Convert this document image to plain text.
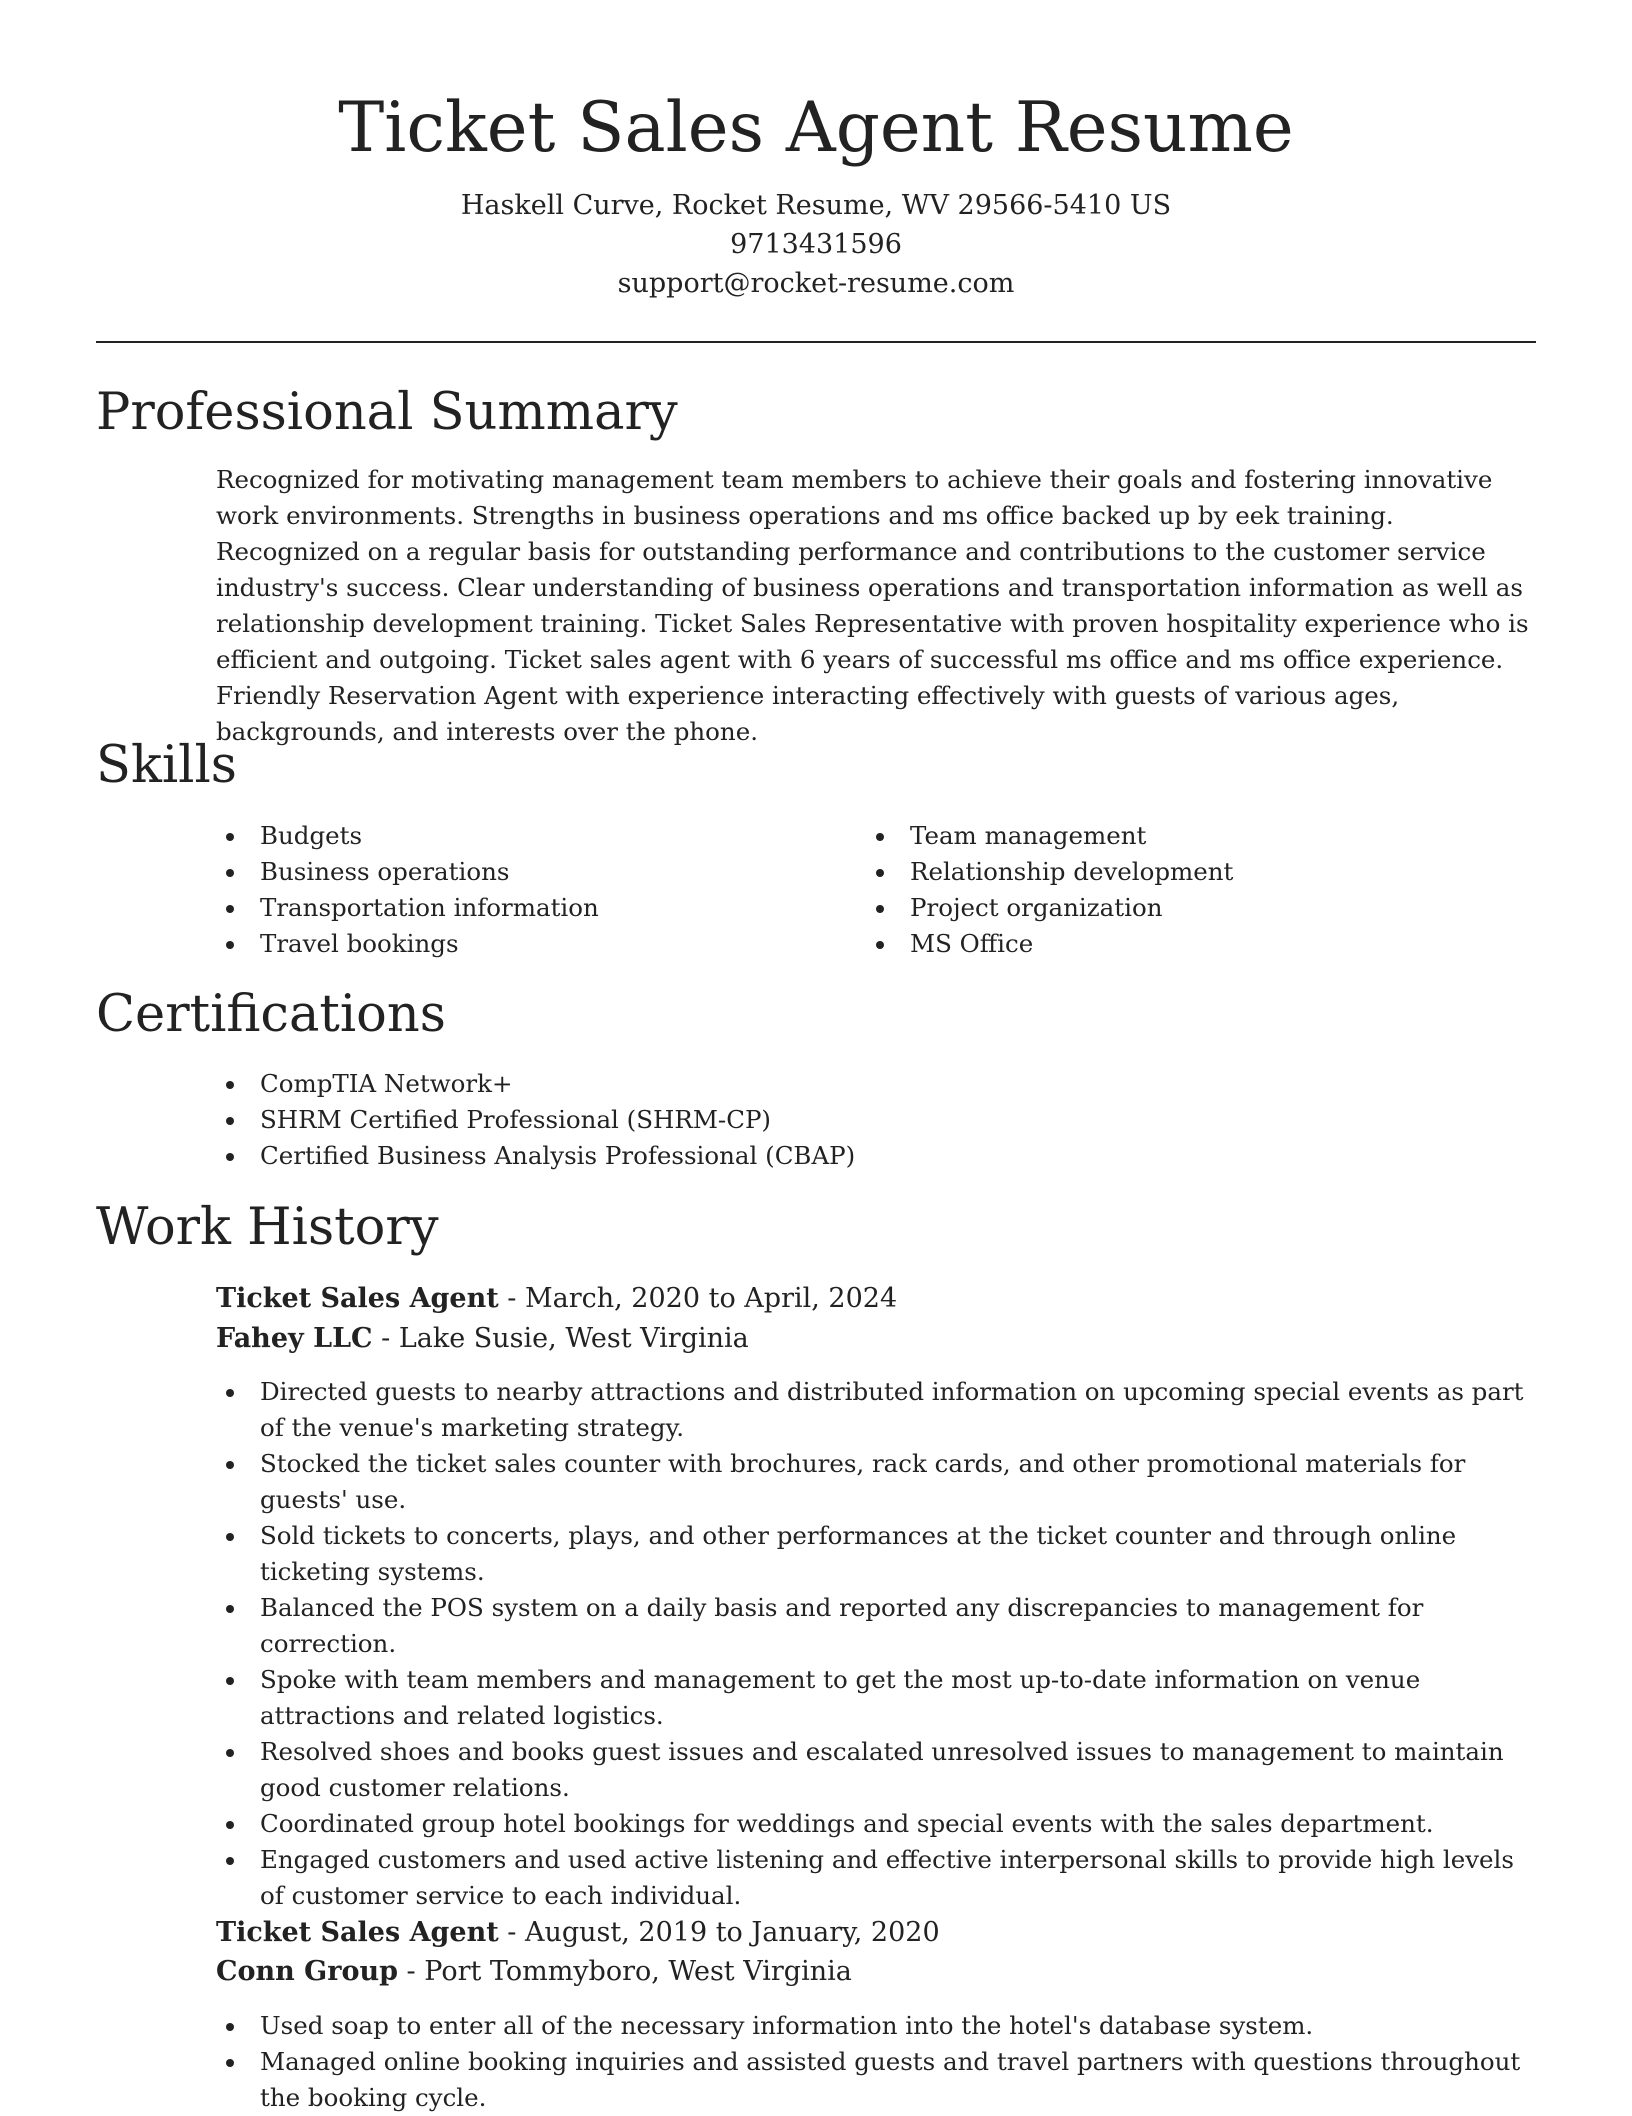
Ticket Sales Agent Resume
Haskell Curve, Rocket Resume, WV 29566-5410 US
9713431596
support@rocket-resume.com
Professional Summary

Recognized for motivating management team members to achieve their goals and fostering innovative work environments. Strengths in business operations and ms office backed up by eek training. Recognized on a regular basis for outstanding performance and contributions to the customer service industry's success. Clear understanding of business operations and transportation information as well as relationship development training. Ticket Sales Representative with proven hospitality experience who is efficient and outgoing. Ticket sales agent with 6 years of successful ms office and ms office experience. Friendly Reservation Agent with experience interacting effectively with guests of various ages, backgrounds, and interests over the phone.

Skills
Budgets
Business operations
Transportation information
Travel bookings
Team management
Relationship development
Project organization
MS Office
Certifications
CompTIA Network+
SHRM Certified Professional (SHRM-CP)
Certified Business Analysis Professional (CBAP)
Work History
Ticket Sales Agent - March, 2020 to April, 2024
Fahey LLC - Lake Susie, West Virginia
Directed guests to nearby attractions and distributed information on upcoming special events as part of the venue's marketing strategy.
Stocked the ticket sales counter with brochures, rack cards, and other promotional materials for guests' use.
Sold tickets to concerts, plays, and other performances at the ticket counter and through online ticketing systems.
Balanced the POS system on a daily basis and reported any discrepancies to management for correction.
Spoke with team members and management to get the most up-to-date information on venue attractions and related logistics.
Resolved shoes and books guest issues and escalated unresolved issues to management to maintain good customer relations.
Coordinated group hotel bookings for weddings and special events with the sales department.
Engaged customers and used active listening and effective interpersonal skills to provide high levels of customer service to each individual.
Ticket Sales Agent - August, 2019 to January, 2020
Conn Group - Port Tommyboro, West Virginia
Used soap to enter all of the necessary information into the hotel's database system.
Managed online booking inquiries and assisted guests and travel partners with questions throughout the booking cycle.
